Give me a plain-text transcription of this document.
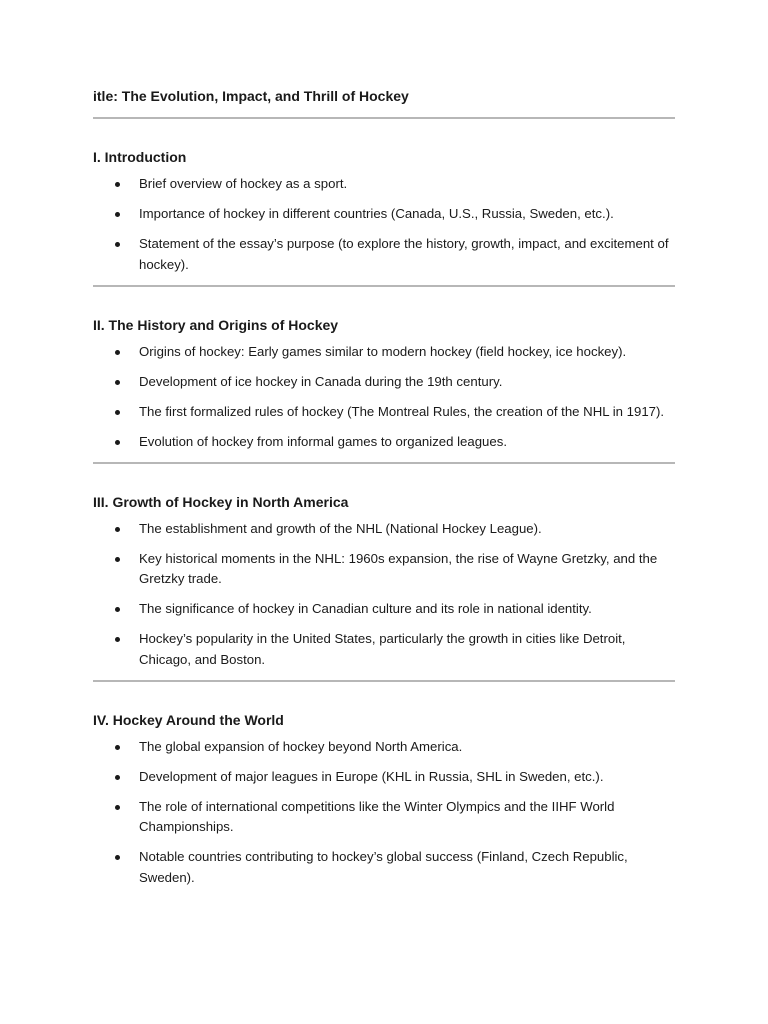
itle: The Evolution, Impact, and Thrill of Hockey
I. Introduction
Brief overview of hockey as a sport.
Importance of hockey in different countries (Canada, U.S., Russia, Sweden, etc.).
Statement of the essay’s purpose (to explore the history, growth, impact, and excitement of hockey).
II. The History and Origins of Hockey
Origins of hockey: Early games similar to modern hockey (field hockey, ice hockey).
Development of ice hockey in Canada during the 19th century.
The first formalized rules of hockey (The Montreal Rules, the creation of the NHL in 1917).
Evolution of hockey from informal games to organized leagues.
III. Growth of Hockey in North America
The establishment and growth of the NHL (National Hockey League).
Key historical moments in the NHL: 1960s expansion, the rise of Wayne Gretzky, and the Gretzky trade.
The significance of hockey in Canadian culture and its role in national identity.
Hockey’s popularity in the United States, particularly the growth in cities like Detroit, Chicago, and Boston.
IV. Hockey Around the World
The global expansion of hockey beyond North America.
Development of major leagues in Europe (KHL in Russia, SHL in Sweden, etc.).
The role of international competitions like the Winter Olympics and the IIHF World Championships.
Notable countries contributing to hockey’s global success (Finland, Czech Republic, Sweden).
